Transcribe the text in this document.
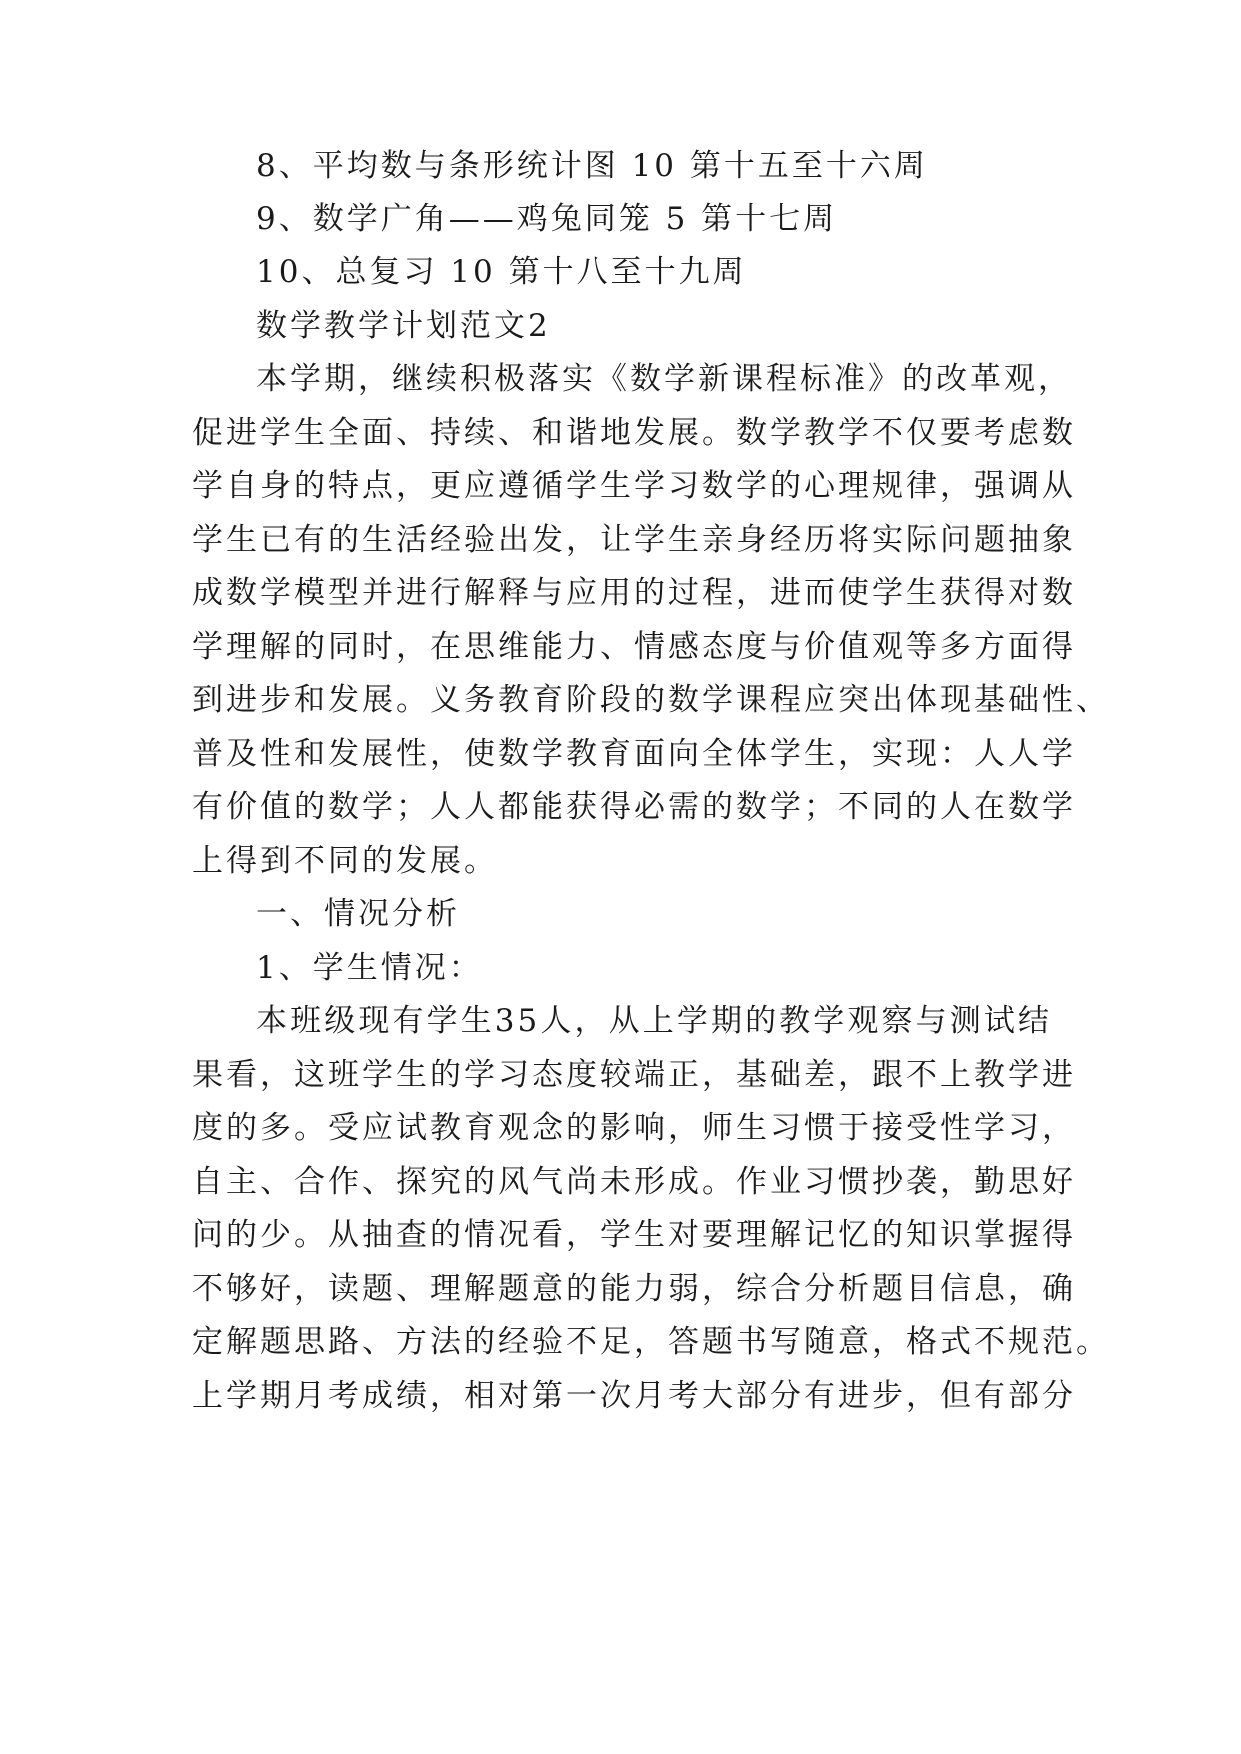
8、平均数与条形统计图 10 第十五至十六周
9、数学广角——鸡兔同笼 5 第十七周
10、总复习 10 第十八至十九周
数学教学计划范文2
本学期，继续积极落实《数学新课程标准》的改革观，
促进学生全面、持续、和谐地发展。数学教学不仅要考虑数
学自身的特点，更应遵循学生学习数学的心理规律，强调从
学生已有的生活经验出发，让学生亲身经历将实际问题抽象
成数学模型并进行解释与应用的过程，进而使学生获得对数
学理解的同时，在思维能力、情感态度与价值观等多方面得
到进步和发展。义务教育阶段的数学课程应突出体现基础性、
普及性和发展性，使数学教育面向全体学生，实现：人人学
有价值的数学；人人都能获得必需的数学；不同的人在数学
上得到不同的发展。
一、情况分析
1、学生情况：
本班级现有学生35人，从上学期的教学观察与测试结
果看，这班学生的学习态度较端正，基础差，跟不上教学进
度的多。受应试教育观念的影响，师生习惯于接受性学习，
自主、合作、探究的风气尚未形成。作业习惯抄袭，勤思好
问的少。从抽查的情况看，学生对要理解记忆的知识掌握得
不够好，读题、理解题意的能力弱，综合分析题目信息，确
定解题思路、方法的经验不足，答题书写随意，格式不规范。
上学期月考成绩，相对第一次月考大部分有进步，但有部分
